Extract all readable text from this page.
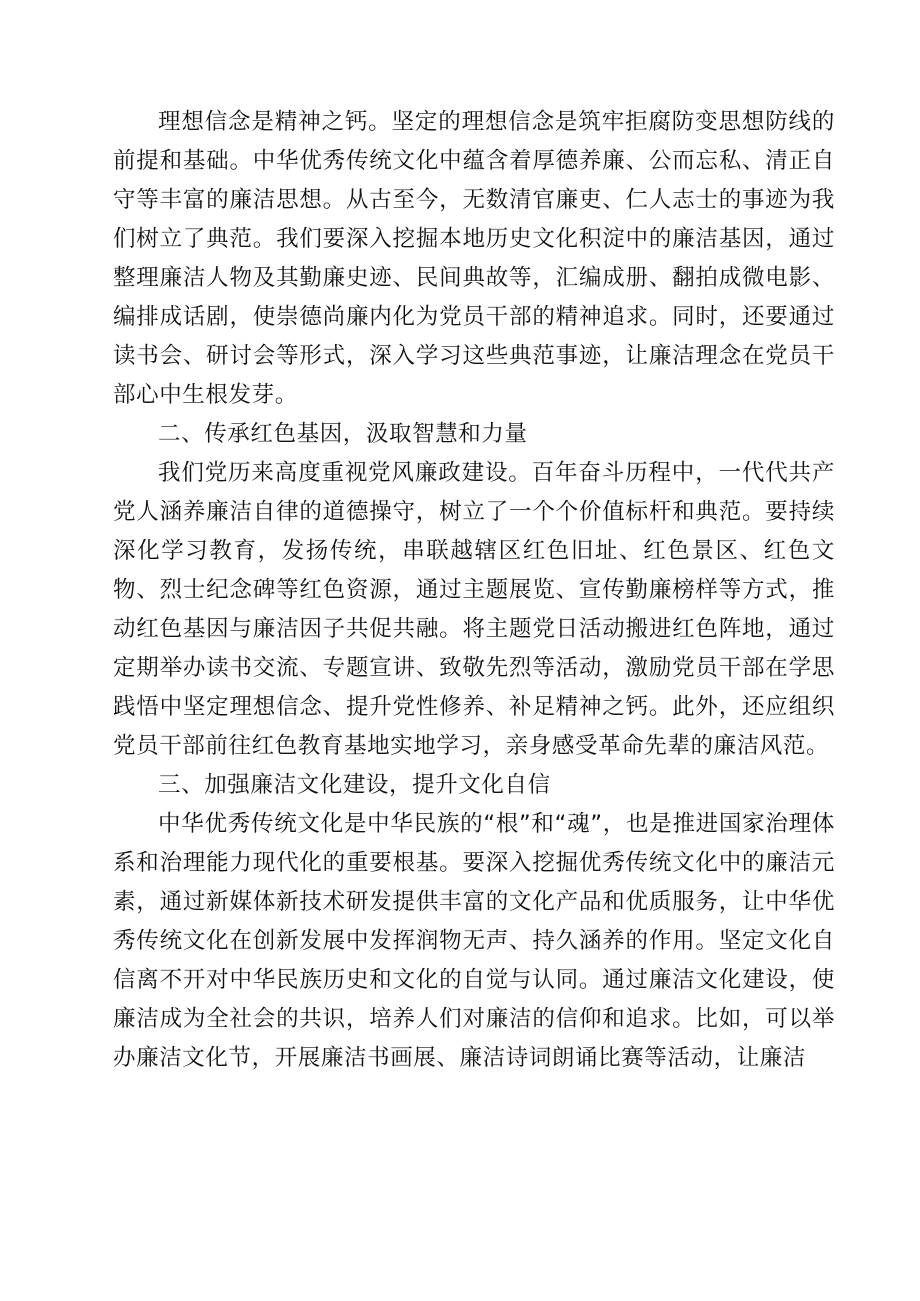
理想信念是精神之钙。坚定的理想信念是筑牢拒腐防变思想防线的前提和基础。中华优秀传统文化中蕴含着厚德养廉、公而忘私、清正自守等丰富的廉洁思想。从古至今，无数清官廉吏、仁人志士的事迹为我们树立了典范。我们要深入挖掘本地历史文化积淀中的廉洁基因，通过整理廉洁人物及其勤廉史迹、民间典故等，汇编成册、翻拍成微电影、编排成话剧，使崇德尚廉内化为党员干部的精神追求。同时，还要通过读书会、研讨会等形式，深入学习这些典范事迹，让廉洁理念在党员干部心中生根发芽。

二、传承红色基因，汲取智慧和力量

我们党历来高度重视党风廉政建设。百年奋斗历程中，一代代共产党人涵养廉洁自律的道德操守，树立了一个个价值标杆和典范。要持续深化学习教育，发扬传统，串联越辖区红色旧址、红色景区、红色文物、烈士纪念碑等红色资源，通过主题展览、宣传勤廉榜样等方式，推动红色基因与廉洁因子共促共融。将主题党日活动搬进红色阵地，通过定期举办读书交流、专题宣讲、致敬先烈等活动，激励党员干部在学思践悟中坚定理想信念、提升党性修养、补足精神之钙。此外，还应组织党员干部前往红色教育基地实地学习，亲身感受革命先辈的廉洁风范。

三、加强廉洁文化建设，提升文化自信

中华优秀传统文化是中华民族的“根”和“魂”，也是推进国家治理体系和治理能力现代化的重要根基。要深入挖掘优秀传统文化中的廉洁元素，通过新媒体新技术研发提供丰富的文化产品和优质服务，让中华优秀传统文化在创新发展中发挥润物无声、持久涵养的作用。坚定文化自信离不开对中华民族历史和文化的自觉与认同。通过廉洁文化建设，使廉洁成为全社会的共识，培养人们对廉洁的信仰和追求。比如，可以举办廉洁文化节，开展廉洁书画展、廉洁诗词朗诵比赛等活动，让廉洁
